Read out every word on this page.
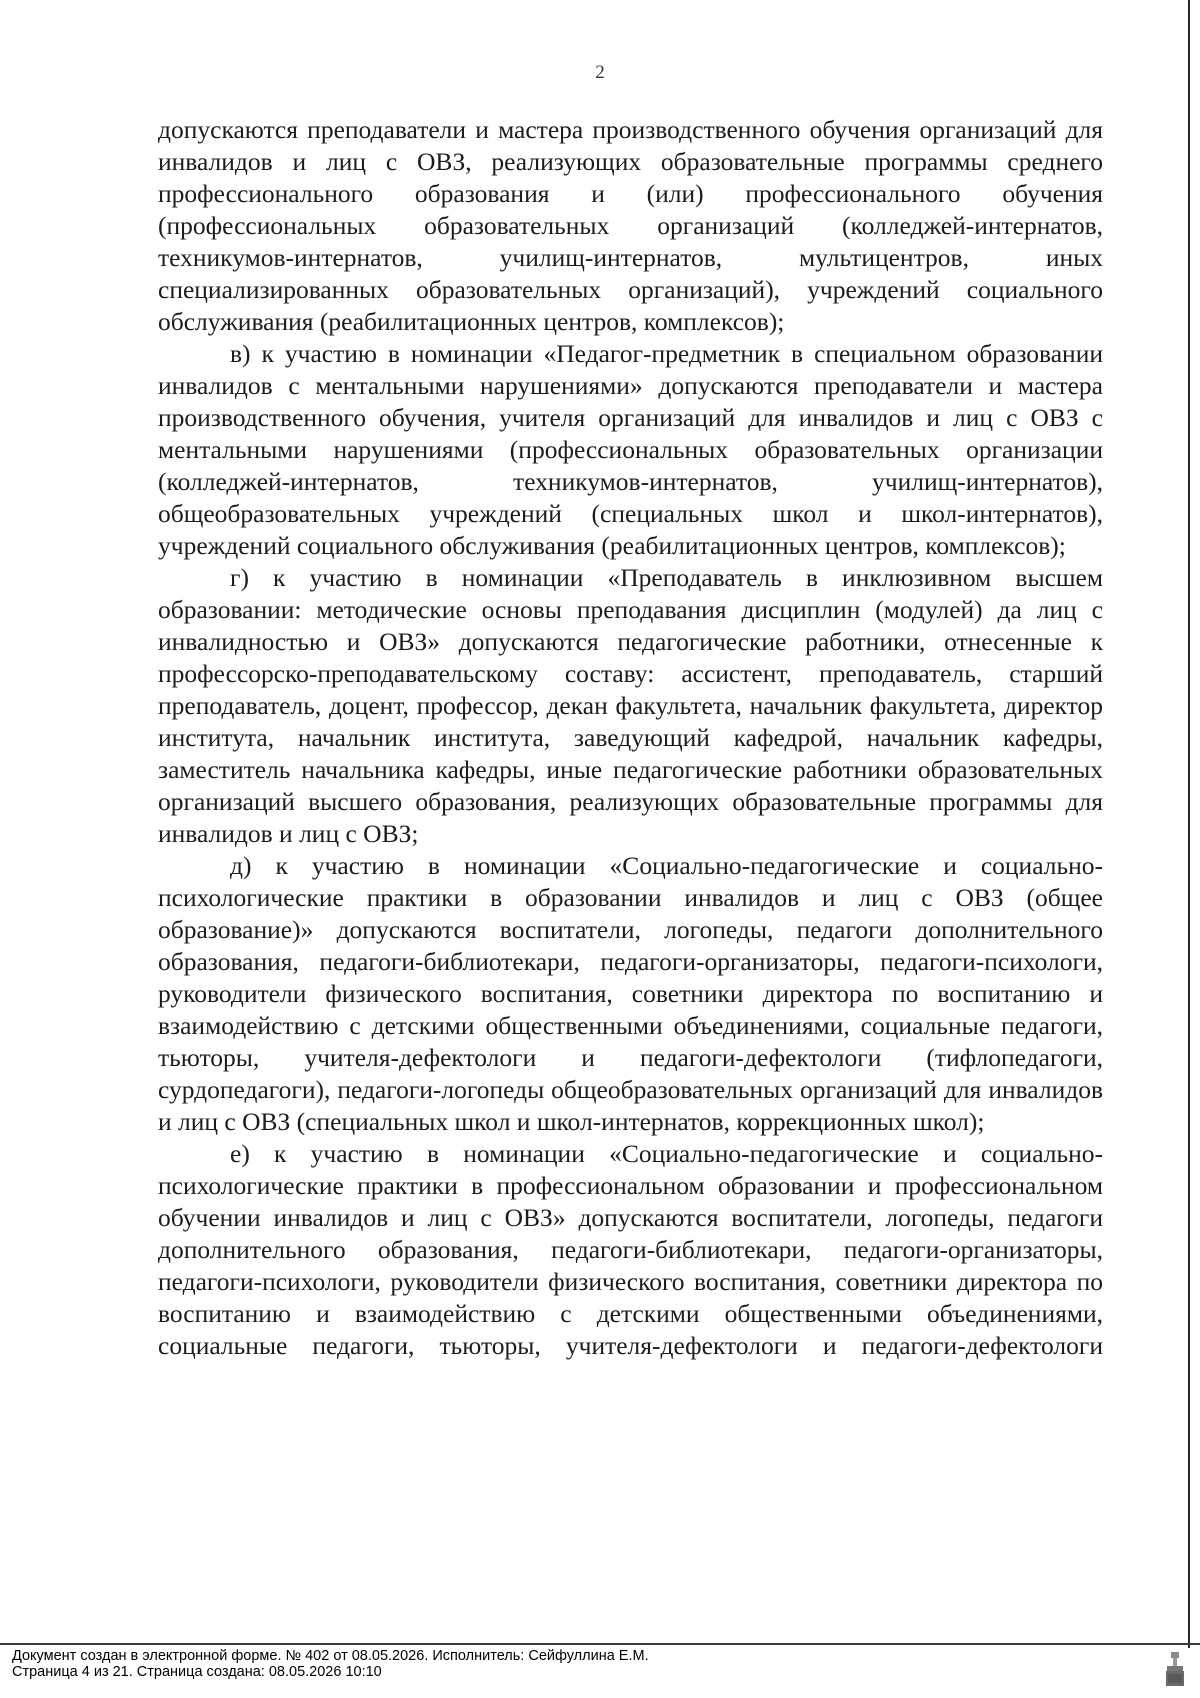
2

допускаются преподаватели и мастера производственного обучения организаций для инвалидов и лиц с ОВЗ, реализующих образовательные программы среднего профессионального образования и (или) профессионального обучения (профессиональных образовательных организаций (колледжей-интернатов, техникумов-интернатов, училищ-интернатов, мультицентров, иных специализированных образовательных организаций), учреждений социального обслуживания (реабилитационных центров, комплексов);

в) к участию в номинации «Педагог-предметник в специальном образовании инвалидов с ментальными нарушениями» допускаются преподаватели и мастера производственного обучения, учителя организаций для инвалидов и лиц с ОВЗ с ментальными нарушениями (профессиональных образовательных организации (колледжей-интернатов, техникумов-интернатов, училищ-интернатов), общеобразовательных учреждений (специальных школ и школ-интернатов), учреждений социального обслуживания (реабилитационных центров, комплексов);

г) к участию в номинации «Преподаватель в инклюзивном высшем образовании: методические основы преподавания дисциплин (модулей) да лиц с инвалидностью и ОВЗ» допускаются педагогические работники, отнесенные к профессорско-преподавательскому составу: ассистент, преподаватель, старший преподаватель, доцент, профессор, декан факультета, начальник факультета, директор института, начальник института, заведующий кафедрой, начальник кафедры, заместитель начальника кафедры, иные педагогические работники образовательных организаций высшего образования, реализующих образовательные программы для инвалидов и лиц с ОВЗ;

д) к участию в номинации «Социально-педагогические и социально-психологические практики в образовании инвалидов и лиц с ОВЗ (общее образование)» допускаются воспитатели, логопеды, педагоги дополнительного образования, педагоги-библиотекари, педагоги-организаторы, педагоги-психологи, руководители физического воспитания, советники директора по воспитанию и взаимодействию с детскими общественными объединениями, социальные педагоги, тьюторы, учителя-дефектологи и педагоги-дефектологи (тифлопедагоги, сурдопедагоги), педагоги-логопеды общеобразовательных организаций для инвалидов и лиц с ОВЗ (специальных школ и школ-интернатов, коррекционных школ);

е) к участию в номинации «Социально-педагогические и социально-психологические практики в профессиональном образовании и профессиональном обучении инвалидов и лиц с ОВЗ» допускаются воспитатели, логопеды, педагоги дополнительного образования, педагоги-библиотекари, педагоги-организаторы, педагоги-психологи, руководители физического воспитания, советники директора по воспитанию и взаимодействию с детскими общественными объединениями, социальные педагоги, тьюторы, учителя-дефектологи и педагоги-дефектологи

Документ создан в электронной форме. № 402 от 08.05.2026. Исполнитель: Сейфуллина Е.М.
Страница 4 из 21. Страница создана: 08.05.2026 10:10
